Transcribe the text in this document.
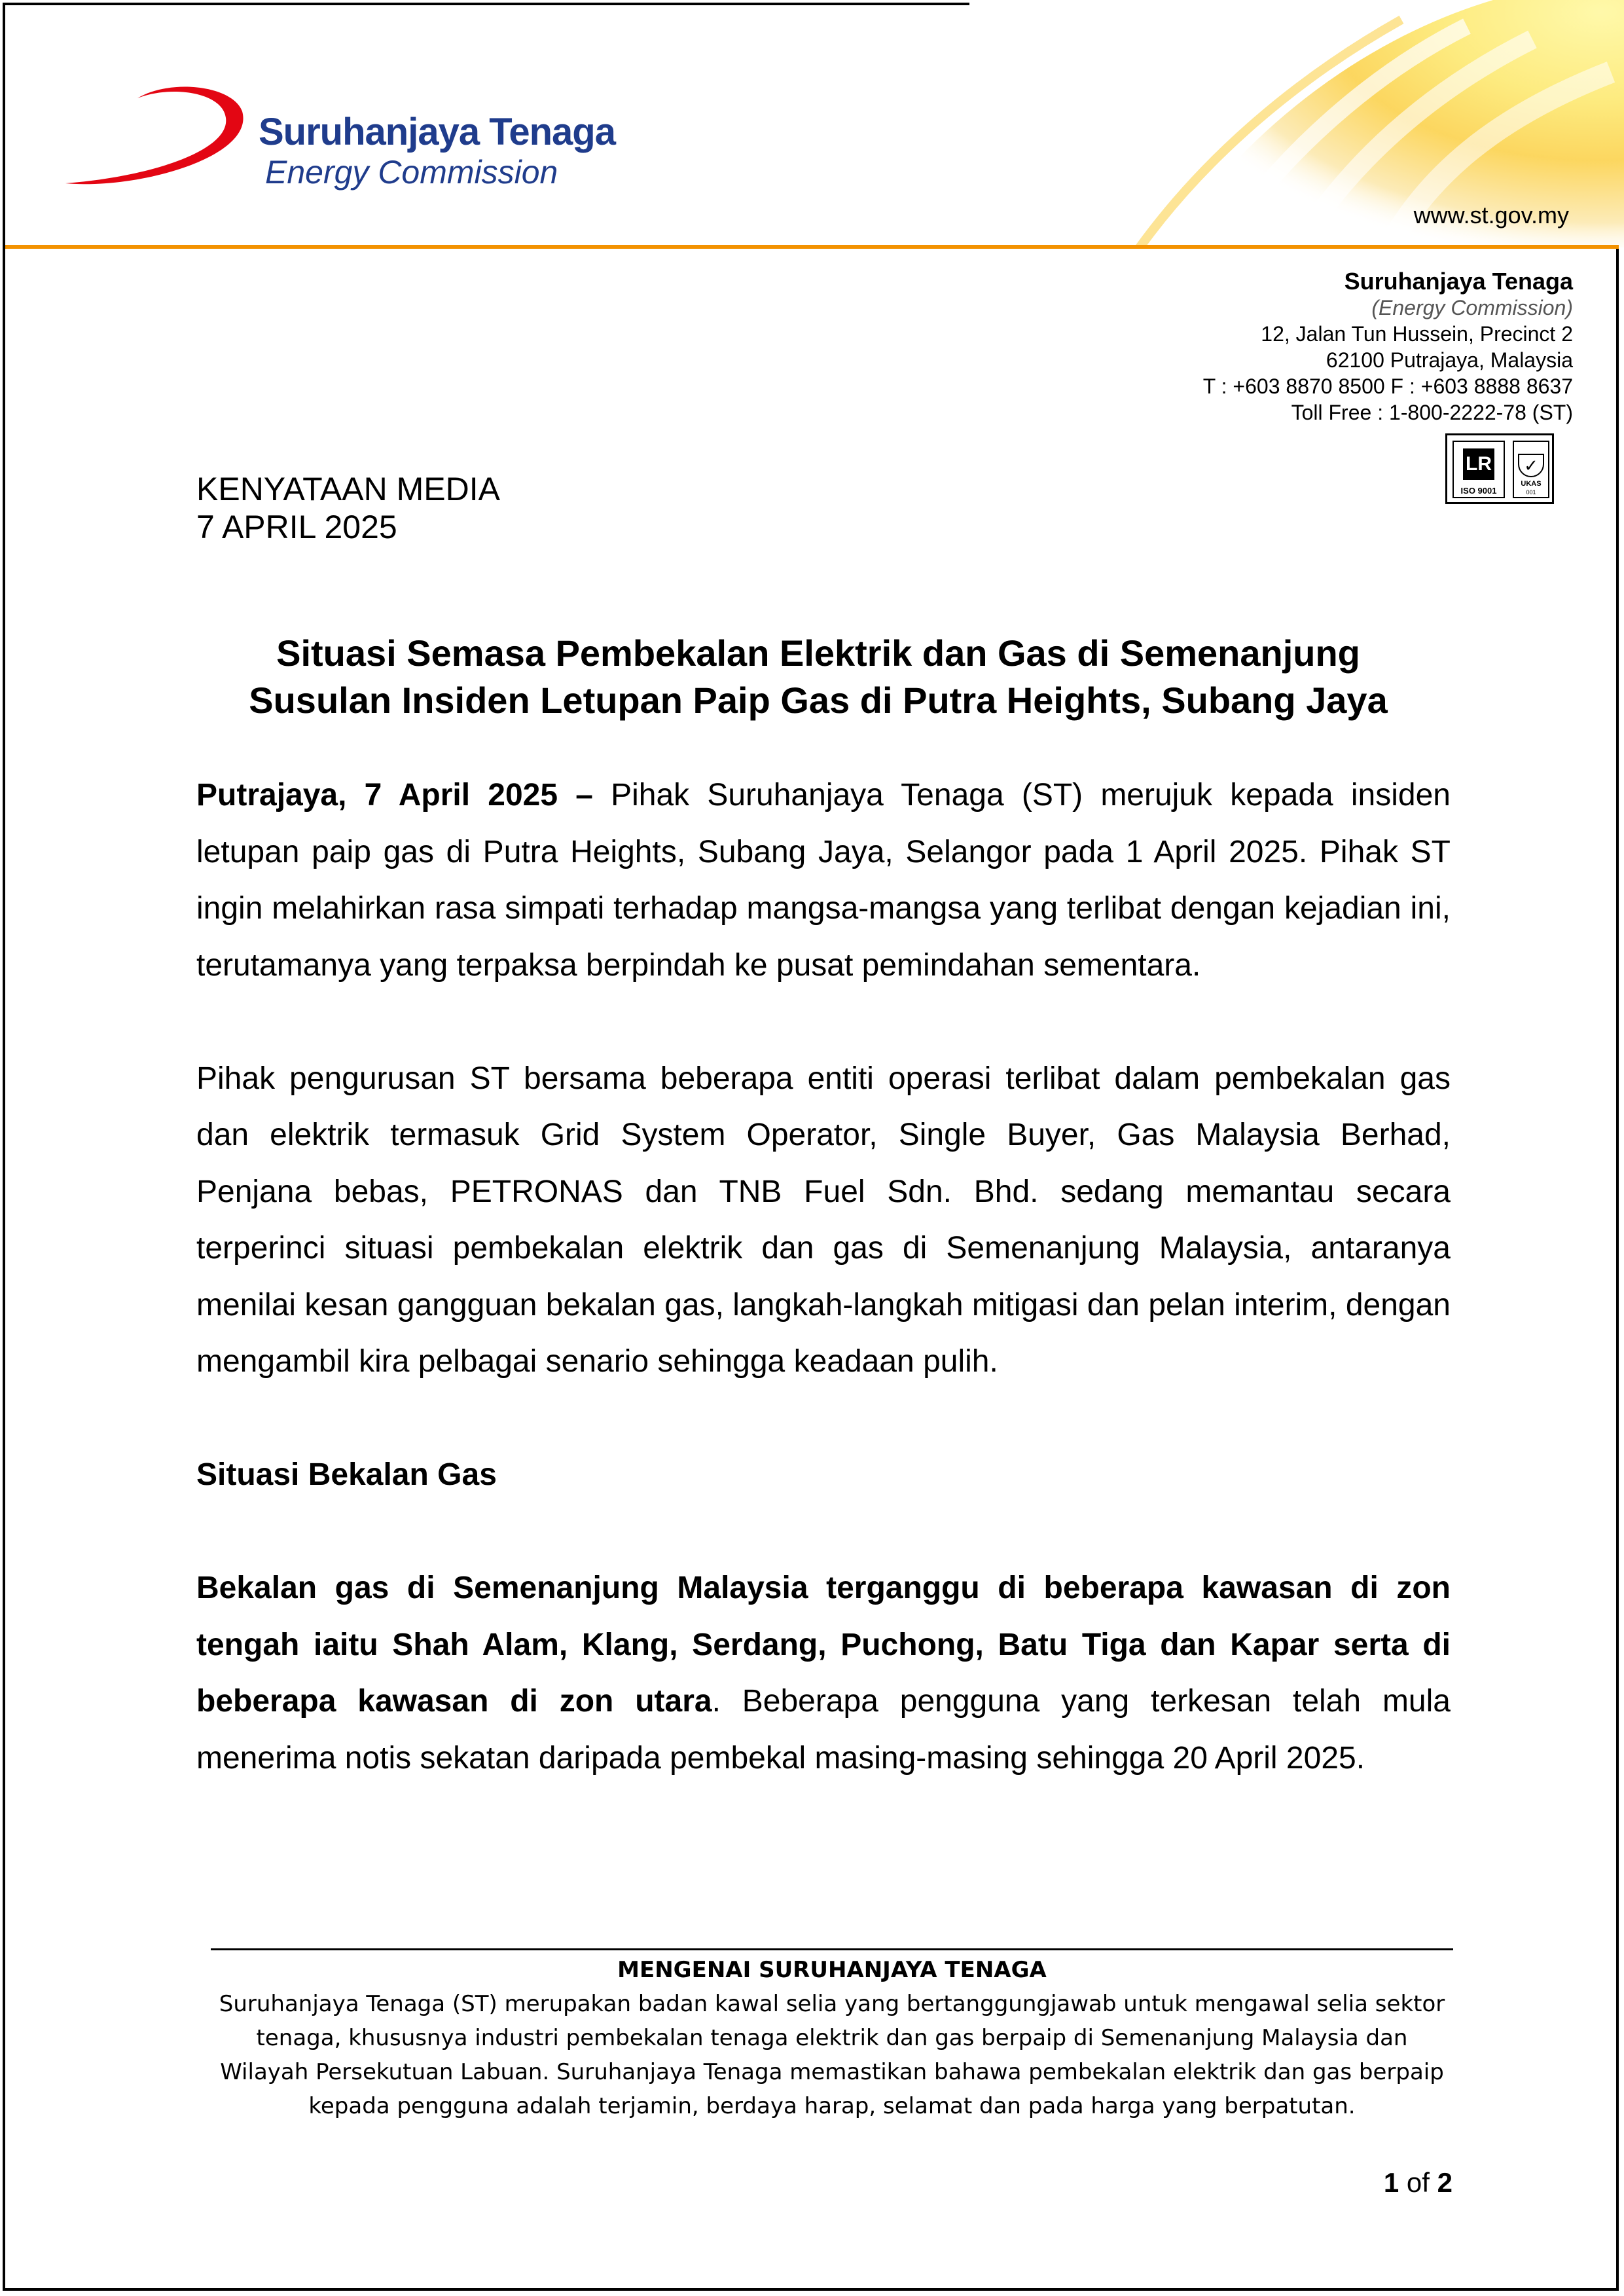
Suruhanjaya Tenaga
Energy Commission
www.st.gov.my
Suruhanjaya Tenaga
(Energy Commission)
12, Jalan Tun Hussein, Precinct 2
62100 Putrajaya, Malaysia
T : +603 8870 8500 F : +603 8888 8637
Toll Free : 1-800-2222-78 (ST)
LR
ISO 9001
✓
UKAS
001
KENYATAAN MEDIA
7 APRIL 2025
Situasi Semasa Pembekalan Elektrik dan Gas di Semenanjung
Susulan Insiden Letupan Paip Gas di Putra Heights, Subang Jaya

Putrajaya, 7 April 2025 – Pihak Suruhanjaya Tenaga (ST) merujuk kepada insiden letupan paip gas di Putra Heights, Subang Jaya, Selangor pada 1 April 2025. Pihak ST ingin melahirkan rasa simpati terhadap mangsa-mangsa yang terlibat dengan kejadian ini, terutamanya yang terpaksa berpindah ke pusat pemindahan sementara.

Pihak pengurusan ST bersama beberapa entiti operasi terlibat dalam pembekalan gas dan elektrik termasuk Grid System Operator, Single Buyer, Gas Malaysia Berhad, Penjana bebas, PETRONAS dan TNB Fuel Sdn. Bhd. sedang memantau secara terperinci situasi pembekalan elektrik dan gas di Semenanjung Malaysia, antaranya menilai kesan gangguan bekalan gas, langkah-langkah mitigasi dan pelan interim, dengan mengambil kira pelbagai senario sehingga keadaan pulih.

Situasi Bekalan Gas

Bekalan gas di Semenanjung Malaysia terganggu di beberapa kawasan di zon tengah iaitu Shah Alam, Klang, Serdang, Puchong, Batu Tiga dan Kapar serta di beberapa kawasan di zon utara. Beberapa pengguna yang terkesan telah mula menerima notis sekatan daripada pembekal masing-masing sehingga 20 April 2025.

MENGENAI SURUHANJAYA TENAGA
Suruhanjaya Tenaga (ST) merupakan badan kawal selia yang bertanggungjawab untuk mengawal selia sektor tenaga, khususnya industri pembekalan tenaga elektrik dan gas berpaip di Semenanjung Malaysia dan Wilayah Persekutuan Labuan. Suruhanjaya Tenaga memastikan bahawa pembekalan elektrik dan gas berpaip kepada pengguna adalah terjamin, berdaya harap, selamat dan pada harga yang berpatutan.
1 of 2
